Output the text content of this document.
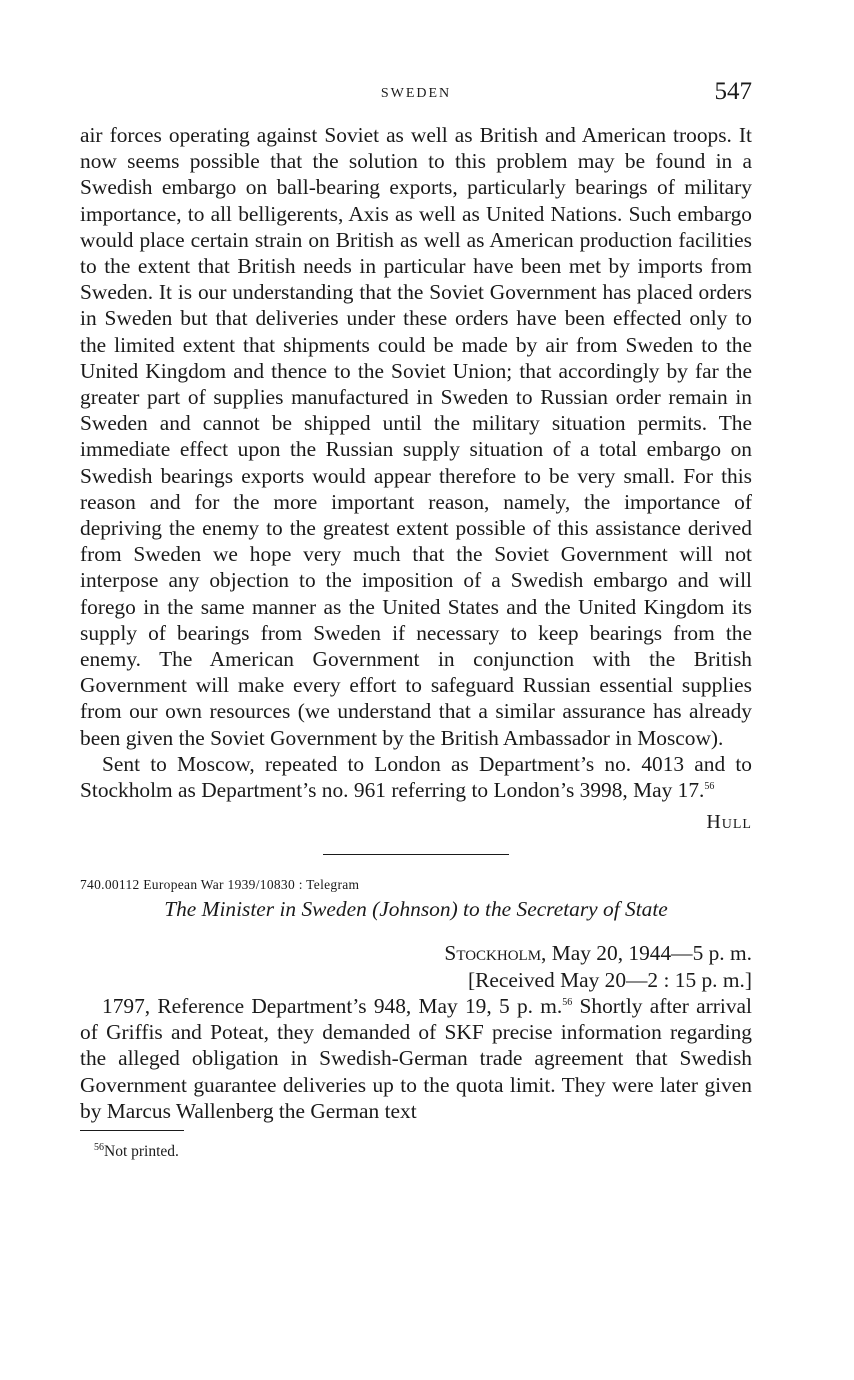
SWEDEN	547

air forces operating against Soviet as well as British and American troops. It now seems possible that the solution to this problem may be found in a Swedish embargo on ball-bearing exports, particularly bearings of military importance, to all belligerents, Axis as well as United Nations. Such embargo would place certain strain on British as well as American production facilities to the extent that British needs in particular have been met by imports from Sweden. It is our understanding that the Soviet Government has placed orders in Sweden but that deliveries under these orders have been effected only to the limited extent that shipments could be made by air from Sweden to the United Kingdom and thence to the Soviet Union; that accordingly by far the greater part of supplies manufactured in Sweden to Russian order remain in Sweden and cannot be shipped until the military situation permits. The immediate effect upon the Russian supply situation of a total embargo on Swedish bearings exports would appear therefore to be very small. For this reason and for the more important reason, namely, the importance of depriving the enemy to the greatest extent possible of this assistance derived from Sweden we hope very much that the Soviet Government will not interpose any objection to the imposition of a Swedish embargo and will forego in the same manner as the United States and the United Kingdom its supply of bearings from Sweden if necessary to keep bearings from the enemy. The American Government in conjunction with the British Government will make every effort to safeguard Russian essential supplies from our own resources (we understand that a similar assurance has already been given the Soviet Government by the British Ambassador in Moscow).

Sent to Moscow, repeated to London as Department’s no. 4013 and to Stockholm as Department’s no. 961 referring to London’s 3998, May 17.56

Hull
740.00112 European War 1939/10830 : Telegram
The Minister in Sweden (Johnson) to the Secretary of State
Stockholm, May 20, 1944—5 p. m.
[Received May 20—2 : 15 p. m.]

1797, Reference Department’s 948, May 19, 5 p. m.$^{56}$ Shortly after arrival of Griffis and Poteat, they demanded of SKF precise information regarding the alleged obligation in Swedish-German trade agreement that Swedish Government guarantee deliveries up to the quota limit. They were later given by Marcus Wallenberg the German text

$^{56}$Not printed.
